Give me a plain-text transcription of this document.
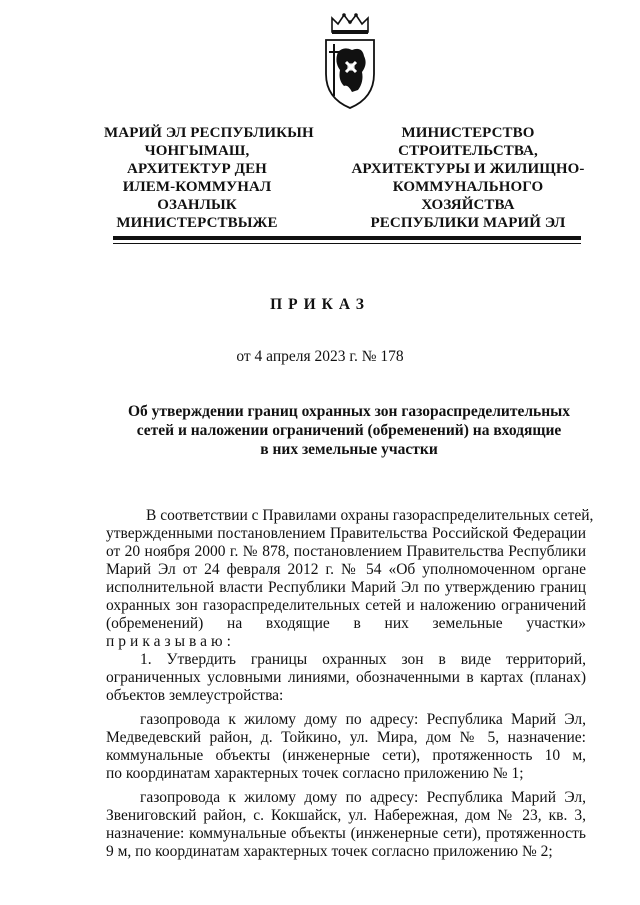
МАРИЙ ЭЛ РЕСПУБЛИКЫН
ЧОНГЫМАШ,
АРХИТЕКТУР ДЕН
ИЛЕМ-КОММУНАЛ
ОЗАНЛЫК
МИНИСТЕРСТВЫЖЕ
МИНИСТЕРСТВО
СТРОИТЕЛЬСТВА,
АРХИТЕКТУРЫ И ЖИЛИЩНО-
КОММУНАЛЬНОГО
ХОЗЯЙСТВА
РЕСПУБЛИКИ МАРИЙ ЭЛ
ПРИКАЗ
от 4 апреля 2023 г. № 178
Об утверждении границ охранных зон газораспределительных
сетей и наложении ограничений (обременений) на входящие
в них земельные участки

В соответствии с Правилами охраны газораспределительных сетей,
утвержденными постановлением Правительства Российской Федерации
от 20 ноября 2000 г. № 878, постановлением Правительства Республики
Марий Эл от 24 февраля 2012 г. № 54 «Об уполномоченном органе
исполнительной власти Республики Марий Эл по утверждению границ
охранных зон газораспределительных сетей и наложению ограничений
(обременений) на входящие в них земельные участки»
приказываю:

1. Утвердить границы охранных зон в виде территорий,
ограниченных условными линиями, обозначенными в картах (планах)
объектов землеустройства:

газопровода к жилому дому по адресу: Республика Марий Эл,
Медведевский район, д. Тойкино, ул. Мира, дом № 5, назначение:
коммунальные объекты (инженерные сети), протяженность 10 м,
по координатам характерных точек согласно приложению № 1;

газопровода к жилому дому по адресу: Республика Марий Эл,
Звениговский район, с. Кокшайск, ул. Набережная, дом № 23, кв. 3,
назначение: коммунальные объекты (инженерные сети), протяженность
9 м, по координатам характерных точек согласно приложению № 2;
